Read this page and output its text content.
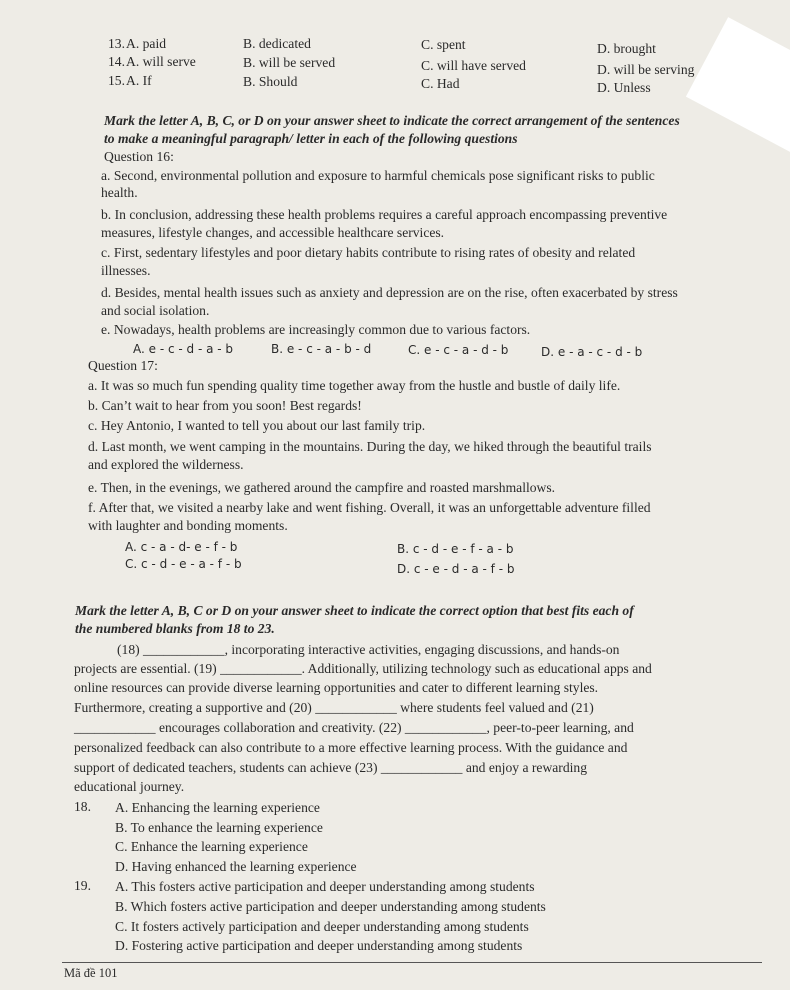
13. A. paid	B. dedicated	C. spent	D. brought
14. A. will serve	B. will be served	C. will have served	D. will be serving
15. A. If	B. Should	C. Had	D. Unless
Mark the letter A, B, C, or D on your answer sheet to indicate the correct arrangement of the sentences
to make a meaningful paragraph/ letter in each of the following questions
Question 16:
a. Second, environmental pollution and exposure to harmful chemicals pose significant risks to public
health.
b. In conclusion, addressing these health problems requires a careful approach encompassing preventive
measures, lifestyle changes, and accessible healthcare services.
c. First, sedentary lifestyles and poor dietary habits contribute to rising rates of obesity and related
illnesses.
d. Besides, mental health issues such as anxiety and depression are on the rise, often exacerbated by stress
and social isolation.
e. Nowadays, health problems are increasingly common due to various factors.
A. e - c - d - a - b	B. e - c - a - b - d	C. e - c - a - d - b	D. e - a - c - d - b
Question 17:
a. It was so much fun spending quality time together away from the hustle and bustle of daily life.
b. Can’t wait to hear from you soon! Best regards!
c. Hey Antonio, I wanted to tell you about our last family trip.
d. Last month, we went camping in the mountains. During the day, we hiked through the beautiful trails
and explored the wilderness.
e. Then, in the evenings, we gathered around the campfire and roasted marshmallows.
f. After that, we visited a nearby lake and went fishing. Overall, it was an unforgettable adventure filled
with laughter and bonding moments.
A. c - a - d- e - f - b	B. c - d - e - f - a - b
C. c - d - e - a - f - b	D. c - e - d - a - f - b
Mark the letter A, B, C or D on your answer sheet to indicate the correct option that best fits each of
the numbered blanks from 18 to 23.
(18) ____________, incorporating interactive activities, engaging discussions, and hands-on
projects are essential. (19) ____________. Additionally, utilizing technology such as educational apps and
online resources can provide diverse learning opportunities and cater to different learning styles.
Furthermore, creating a supportive and (20) ____________ where students feel valued and (21)
____________ encourages collaboration and creativity. (22) ____________, peer-to-peer learning, and
personalized feedback can also contribute to a more effective learning process. With the guidance and
support of dedicated teachers, students can achieve (23) ____________ and enjoy a rewarding
educational journey.
18. A. Enhancing the learning experience
B. To enhance the learning experience
C. Enhance the learning experience
D. Having enhanced the learning experience
19. A. This fosters active participation and deeper understanding among students
B. Which fosters active participation and deeper understanding among students
C. It fosters actively participation and deeper understanding among students
D. Fostering active participation and deeper understanding among students
Mã đề 101
